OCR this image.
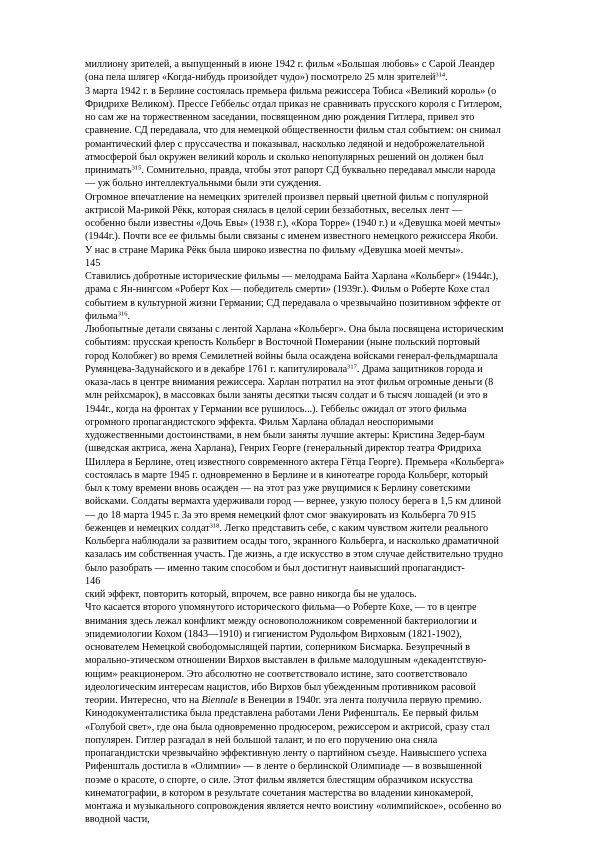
миллиону зрителей, а выпущенный в июне 1942 г. фильм «Большая любовь» с Сарой Леандер (она пела шлягер «Когда-нибудь произойдет чудо») посмотрело 25 млн зрителей$^{314}$.

3 марта 1942 г. в Берлине состоялась премьера фильма режиссера Тобиса «Великий король» (о Фридрихе Великом). Прессе Геббельс отдал приказ не сравнивать прусского короля с Гитлером, но сам же на торжественном заседании, посвященном дню рождения Гитлера, привел это сравнение. СД передавала, что для немецкой общественности фильм стал событием: он снимал романтический флер с пруссачества и показывал, насколько ледяной и недоброжелательной атмосферой был окружен великий король и сколько непопулярных решений он должен был принимать$^{315}$. Сомнительно, правда, чтобы этот рапорт СД буквально передавал мысли народа — уж больно интеллектуальными были эти суждения.

Огромное впечатление на немецких зрителей произвел первый цветной фильм с популярной актрисой Ма-рикой Рёкк, которая снялась в целой серии беззаботных, веселых лент — особенно были известны «Дочь Евы» (1938 г.), «Кора Торре» (1940 г.) и «Девушка моей мечты» (1944г.). Почти все ее фильмы были связаны с именем известного немецкого режиссера Якоби. У нас в стране Марика Рёкк была широко известна по фильму «Девушка моей мечты».

145

Ставились добротные исторические фильмы — мелодрама Байта Харлана «Кольберг» (1944г.), драма с Ян-нингсом «Роберт Кох — победитель смерти» (1939г.). Фильм о Роберте Кохе стал событием в культурной жизни Германии; СД передавала о чрезвычайно позитивном эффекте от фильма$^{316}$.

Любопытные детали связаны с лентой Харлана «Кольберг». Она была посвящена историческим событиям: прусская крепость Кольберг в Восточной Померании (ныне польский портовый город Колобжег) во время Семилетней войны была осаждена войсками генерал-фельдмаршала Румянцева-Задунайского и в декабре 1761 г. капитулировала$^{317}$. Драма защитников города и оказа-лась в центре внимания режиссера. Харлан потратил на этот фильм огромные деньги (8 млн рейхсмарок), в массовках были заняты десятки тысяч солдат и 6 тысяч лошадей (и это в 1944г., когда на фронтах у Германии все рушилось...). Геббельс ожидал от этого фильма огромного пропагандистского эффекта. Фильм Харлана обладал неоспоримыми художественными достоинствами, в нем были заняты лучшие актеры: Кристина Зедер-баум (шведская актриса, жена Харлана), Генрих Георге (генеральный директор театра Фридриха Шиллера в Берлине, отец известного современного актера Гётца Георге). Премьера «Кольберга» состоялась в марте 1945 г. одновременно в Берлине и в кинотеатре города Кольберг, который был к тому времени вновь осажден — на этот раз уже рвущимися к Берлину советскими войсками. Солдаты вермахта удерживали город — вернее, узкую полосу берега в 1,5 км длиной — до 18 марта 1945 г. За это время немецкий флот смог эвакуировать из Кольберга 70 915 беженцев и немецких солдат$^{318}$. Легко представить себе, с каким чувством жители реального Кольберга наблюдали за развитием осады того, экранного Кольберга, и насколько драматичной казалась им собственная участь. Где жизнь, а где искусство в этом случае действительно трудно было разобрать — именно таким способом и был достигнут наивысший пропагандист-

146

ский эффект, повторить который, впрочем, все равно никогда бы не удалось.

Что касается второго упомянутого исторического фильма—о Роберте Кохе, — то в центре внимания здесь лежал конфликт между основоположником современной бактериологии и эпидемиологии Кохом (1843—1910) и гигиенистом Рудольфом Вирховым (1821-1902), основателем Немецкой свободомыслящей партии, соперником Бисмарка. Безупречный в морально-этическом отношении Вирхов выставлен в фильме малодушным «декадентствую-ющим» реакционером. Это абсолютно не соответствовало истине, зато соответствовало идеологическим интересам нацистов, ибо Вирхов был убежденным противником расовой теории. Интересно, что на Biennale в Венеции в 1940г. эта лента получила первую премию.

Кинодокументалистика была представлена работами Лени Рифеншталь. Ее первый фильм «Голубой свет», где она была одновременно продюсером, режиссером и актрисой, сразу стал популярен. Гитлер разгадал в ней большой талант, и по его поручению она сняла пропагандистски чрезвычайно эффективную ленту о партийном съезде. Наивысшего успеха Рифеншталь достигла в «Олимпии» — в ленте о берлинской Олимпиаде — в возвышенной поэме о красоте, о спорте, о силе. Этот фильм является блестящим образчиком искусства кинематографии, в котором в результате сочетания мастерства во владении кинокамерой, монтажа и музыкального сопровождения является нечто воистину «олимпийское», особенно во вводной части,
